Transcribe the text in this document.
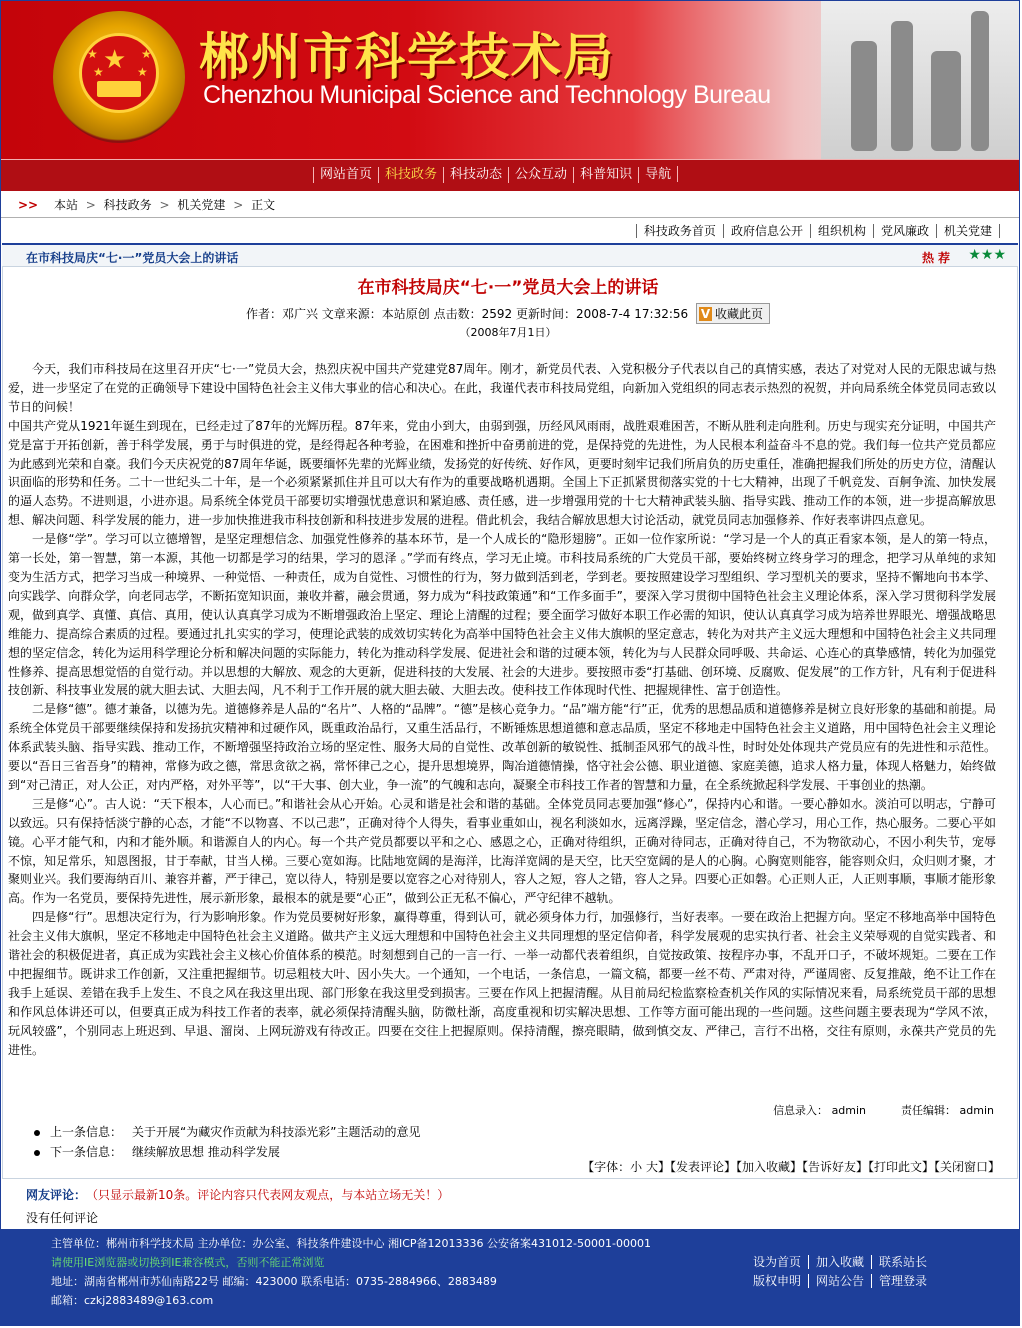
★
★	★
★	★ 郴州市科学技术局
Chenzhou Municipal Science and Technology Bureau
网站首页 科技政务 科技动态 公众互动 科普知识 导航
>> 本站 > 科技政务 > 机关党建 > 正文
科技政务首页 政府信息公开 组织机构 党风廉政 机关党建
在市科技局庆“七·一”党员大会上的讲话	热荐 ★★★
在市科技局庆“七·一”党员大会上的讲话
作者：邓广兴 文章来源：本站原创 点击数：2592 更新时间：2008-7-4 17:32:56 V 收藏此页
（2008年7月1日）

今天，我们市科技局在这里召开庆“七·一”党员大会，热烈庆祝中国共产党建党87周年。刚才，新党员代表、入党积极分子代表以自己的真情实感，表达了对党对人民的无限忠诚与热爱，进一步坚定了在党的正确领导下建设中国特色社会主义伟大事业的信心和决心。在此，我谨代表市科技局党组，向新加入党组织的同志表示热烈的祝贺，并向局系统全体党员同志致以节日的问候！

中国共产党从1921年诞生到现在，已经走过了87年的光辉历程。87年来，党由小到大，由弱到强，历经风风雨雨，战胜艰难困苦，不断从胜利走向胜利。历史与现实充分证明，中国共产党是富于开拓创新，善于科学发展，勇于与时俱进的党，是经得起各种考验，在困难和挫折中奋勇前进的党，是保持党的先进性，为人民根本利益奋斗不息的党。我们每一位共产党员都应为此感到光荣和自豪。我们今天庆祝党的87周年华诞，既要缅怀先辈的光辉业绩，发扬党的好传统、好作风，更要时刻牢记我们所肩负的历史重任，准确把握我们所处的历史方位，清醒认识面临的形势和任务。二十一世纪头二十年，是一个必须紧紧抓住并且可以大有作为的重要战略机遇期。全国上下正抓紧贯彻落实党的十七大精神，出现了千帆竞发、百舸争流、加快发展的逼人态势。不进则退，小进亦退。局系统全体党员干部要切实增强忧患意识和紧迫感、责任感，进一步增强用党的十七大精神武装头脑、指导实践、推动工作的本领，进一步提高解放思想、解决问题、科学发展的能力，进一步加快推进我市科技创新和科技进步发展的进程。借此机会，我结合解放思想大讨论活动，就党员同志加强修养、作好表率讲四点意见。

一是修“学”。学习可以立德增智，是坚定理想信念、加强党性修养的基本环节，是一个人成长的“隐形翅膀”。正如一位作家所说：“学习是一个人的真正看家本领，是人的第一特点，第一长处，第一智慧，第一本源，其他一切都是学习的结果，学习的恩泽 。”学而有终点，学习无止境。市科技局系统的广大党员干部，要始终树立终身学习的理念，把学习从单纯的求知变为生活方式，把学习当成一种境界、一种觉悟、一种责任，成为自觉性、习惯性的行为，努力做到活到老，学到老。要按照建设学习型组织、学习型机关的要求，坚持不懈地向书本学、向实践学、向群众学，向老同志学，不断拓宽知识面，兼收并蓄，融会贯通，努力成为“科技政策通”和“工作多面手”，要深入学习贯彻中国特色社会主义理论体系，深入学习贯彻科学发展观，做到真学、真懂、真信、真用，使认认真真学习成为不断增强政治上坚定、理论上清醒的过程；要全面学习做好本职工作必需的知识，使认认真真学习成为培养世界眼光、增强战略思维能力、提高综合素质的过程。要通过扎扎实实的学习，使理论武装的成效切实转化为高举中国特色社会主义伟大旗帜的坚定意志，转化为对共产主义远大理想和中国特色社会主义共同理想的坚定信念，转化为运用科学理论分析和解决问题的实际能力，转化为推动科学发展、促进社会和谐的过硬本领，转化为与人民群众同呼吸、共命运、心连心的真挚感情，转化为加强党性修养、提高思想觉悟的自觉行动。并以思想的大解放、观念的大更新，促进科技的大发展、社会的大进步。要按照市委“打基础、创环境、反腐败、促发展”的工作方针，凡有利于促进科技创新、科技事业发展的就大胆去试、大胆去闯，凡不利于工作开展的就大胆去破、大胆去改。使科技工作体现时代性、把握规律性、富于创造性。

二是修“德”。德才兼备，以德为先。道德修养是人品的“名片”、人格的“品牌”。“德”是核心竞争力。“品”端方能“行”正，优秀的思想品质和道德修养是树立良好形象的基础和前提。局系统全体党员干部要继续保持和发扬抗灾精神和过硬作风，既重政治品行，又重生活品行，不断锤炼思想道德和意志品质，坚定不移地走中国特色社会主义道路，用中国特色社会主义理论体系武装头脑、指导实践、推动工作，不断增强坚持政治立场的坚定性、服务大局的自觉性、改革创新的敏锐性、抵制歪风邪气的战斗性，时时处处体现共产党员应有的先进性和示范性。要以“吾日三省吾身”的精神，常修为政之德，常思贪欲之祸，常怀律己之心，提升思想境界，陶冶道德情操，恪守社会公德、职业道德、家庭美德，追求人格力量，体现人格魅力，始终做到“对己清正，对人公正，对内严格，对外平等”，以“干大事、创大业，争一流”的气魄和志向，凝聚全市科技工作者的智慧和力量，在全系统掀起科学发展、干事创业的热潮。

三是修“心”。古人说：“天下根本，人心而已。”和谐社会从心开始。心灵和谐是社会和谐的基础。全体党员同志要加强“修心”，保持内心和谐。一要心静如水。淡泊可以明志，宁静可以致远。只有保持恬淡宁静的心态，才能“不以物喜、不以己悲”，正确对待个人得失，看事业重如山，视名利淡如水，远离浮躁，坚定信念，潜心学习，用心工作，热心服务。二要心平如镜。心平才能气和，内和才能外顺。和谐源自人的内心。每一个共产党员都要以平和之心、感恩之心，正确对待组织，正确对待同志，正确对待自己，不为物欲动心，不因小利失节，宠辱不惊，知足常乐，知恩图报，甘于奉献，甘当人梯。三要心宽如海。比陆地宽阔的是海洋，比海洋宽阔的是天空，比天空宽阔的是人的心胸。心胸宽则能容，能容则众归，众归则才聚，才聚则业兴。我们要海纳百川、兼容并蓄，严于律己，宽以待人，特别是要以宽容之心对待别人，容人之短，容人之错，容人之异。四要心正如磐。心正则人正，人正则事顺，事顺才能形象高。作为一名党员，要保持先进性，展示新形象，最根本的就是要“心正”，做到公正无私不偏心，严守纪律不越轨。

四是修“行”。思想决定行为，行为影响形象。作为党员要树好形象，赢得尊重，得到认可，就必须身体力行，加强修行，当好表率。一要在政治上把握方向。坚定不移地高举中国特色社会主义伟大旗帜，坚定不移地走中国特色社会主义道路。做共产主义远大理想和中国特色社会主义共同理想的坚定信仰者，科学发展观的忠实执行者、社会主义荣辱观的自觉实践者、和谐社会的积极促进者，真正成为实践社会主义核心价值体系的模范。时刻想到自己的一言一行、一举一动都代表着组织，自觉按政策、按程序办事，不乱开口子，不破坏规矩。二要在工作中把握细节。既讲求工作创新，又注重把握细节。切忌粗枝大叶、因小失大。一个通知，一个电话，一条信息，一篇文稿，都要一丝不苟、严肃对待，严谨周密、反复推敲，绝不让工作在我手上延误、差错在我手上发生、不良之风在我这里出现、部门形象在我这里受到损害。三要在作风上把握清醒。从目前局纪检监察检查机关作风的实际情况来看，局系统党员干部的思想和作风总体讲还可以，但要真正成为科技工作者的表率，就必须保持清醒头脑，防微杜渐，高度重视和切实解决思想、工作等方面可能出现的一些问题。这些问题主要表现为“学风不浓，玩风较盛”，个别同志上班迟到、早退、溜岗、上网玩游戏有待改正。四要在交往上把握原则。保持清醒，擦亮眼睛，做到慎交友、严律己，言行不出格，交往有原则，永葆共产党员的先进性。

信息录入： admin	责任编辑： admin
上一条信息： 关于开展“为藏灾作贡献为科技添光彩”主题活动的意见
下一条信息： 继续解放思想 推动科学发展
【字体：小 大】【发表评论】【加入收藏】【告诉好友】【打印此文】【关闭窗口】
网友评论： （只显示最新10条。评论内容只代表网友观点，与本站立场无关！）
没有任何评论
主管单位：郴州市科学技术局 主办单位：办公室、科技条件建设中心 湘ICP备12013336 公安备案431012-50001-00001
请使用IE浏览器或切换到IE兼容模式，否则不能正常浏览
地址：湖南省郴州市苏仙南路22号 邮编：423000 联系电话：0735-2884966、2883489
邮箱：czkj2883489@163.com
设为首页 加入收藏 联系站长
版权申明 网站公告 管理登录
